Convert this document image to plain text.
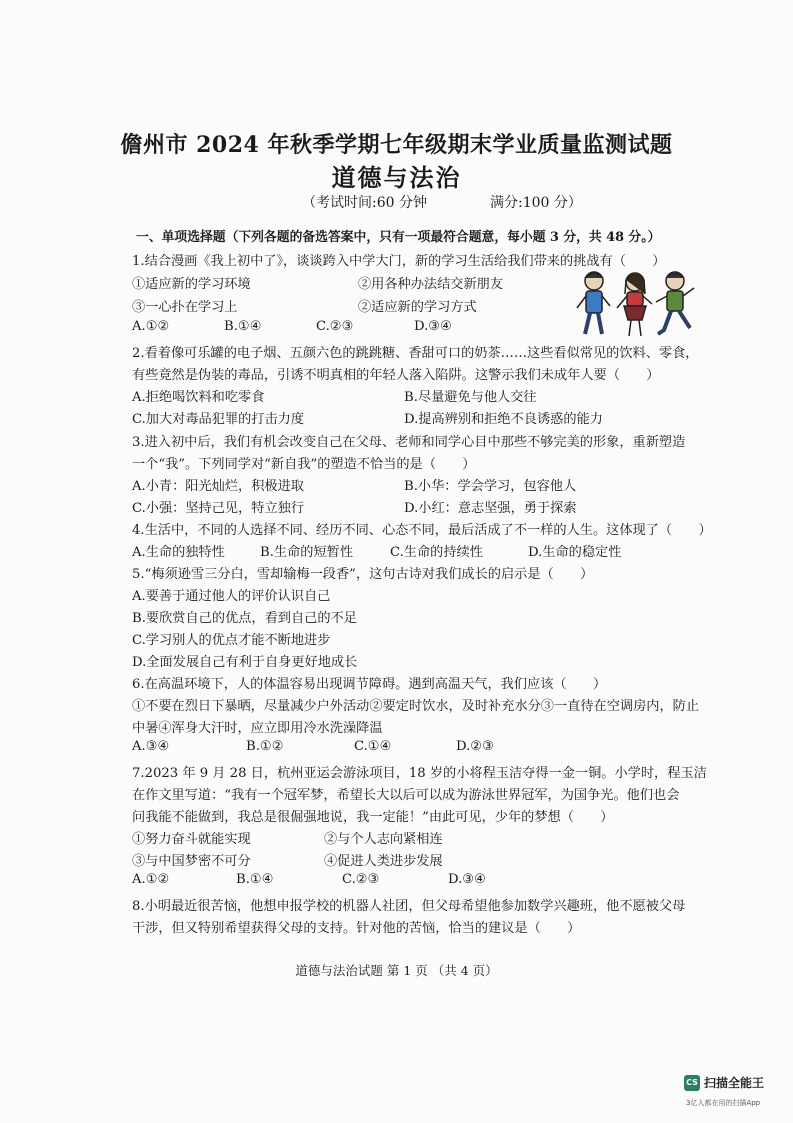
儋州市 2024 年秋季学期七年级期末学业质量监测试题
道德与法治
（考试时间:60 分钟	满分:100 分）
一、单项选择题（下列各题的备选答案中，只有一项最符合题意，每小题 3 分，共 48 分。）
1.结合漫画《我上初中了》，谈谈跨入中学大门，新的学习生活给我们带来的挑战有（　　）
①适应新的学习环境	②用各种办法结交新朋友
③一心扑在学习上	②适应新的学习方式
A.①②	B.①④	C.②③	D.③④
2.看着像可乐罐的电子烟、五颜六色的跳跳糖、香甜可口的奶茶……这些看似常见的饮料、零食，
有些竟然是伪装的毒品，引诱不明真相的年轻人落入陷阱。这警示我们未成年人要（　　）
A.拒绝喝饮料和吃零食	B.尽量避免与他人交往
C.加大对毒品犯罪的打击力度	D.提高辨别和拒绝不良诱惑的能力
3.进入初中后，我们有机会改变自己在父母、老师和同学心目中那些不够完美的形象，重新塑造
一个“我”。下列同学对“新自我”的塑造不恰当的是（　　）
A.小青：阳光灿烂，积极进取	B.小华：学会学习，包容他人
C.小强：坚持己见，特立独行	D.小红：意志坚强，勇于探索
4.生活中，不同的人选择不同、经历不同、心态不同，最后活成了不一样的人生。这体现了（　　）
A.生命的独特性	B.生命的短暂性	C.生命的持续性	D.生命的稳定性
5.“梅须逊雪三分白，雪却输梅一段香”，这句古诗对我们成长的启示是（　　）
A.要善于通过他人的评价认识自己
B.要欣赏自己的优点，看到自己的不足
C.学习别人的优点才能不断地进步
D.全面发展自己有利于自身更好地成长
6.在高温环境下，人的体温容易出现调节障碍。遇到高温天气，我们应该（　　）
①不要在烈日下暴晒，尽量减少户外活动②要定时饮水，及时补充水分③一直待在空调房内，防止
中暑④浑身大汗时，应立即用冷水洗澡降温
A.③④	B.①②	C.①④	D.②③
7.2023 年 9 月 28 日，杭州亚运会游泳项目，18 岁的小将程玉洁夺得一金一铜。小学时，程玉洁
在作文里写道：“我有一个冠军梦，希望长大以后可以成为游泳世界冠军，为国争光。他们也会
问我能不能做到，我总是很倔强地说，我一定能！”由此可见，少年的梦想（　　）
①努力奋斗就能实现	②与个人志向紧相连
③与中国梦密不可分	④促进人类进步发展
A.①②	B.①④	C.②③	D.③④
8.小明最近很苦恼，他想申报学校的机器人社团，但父母希望他参加数学兴趣班，他不愿被父母
干涉，但又特别希望获得父母的支持。针对他的苦恼，恰当的建议是（　　）
道德与法治试题 第 1 页 （共 4 页）
CS 扫描全能王
3亿人都在用的扫描App
